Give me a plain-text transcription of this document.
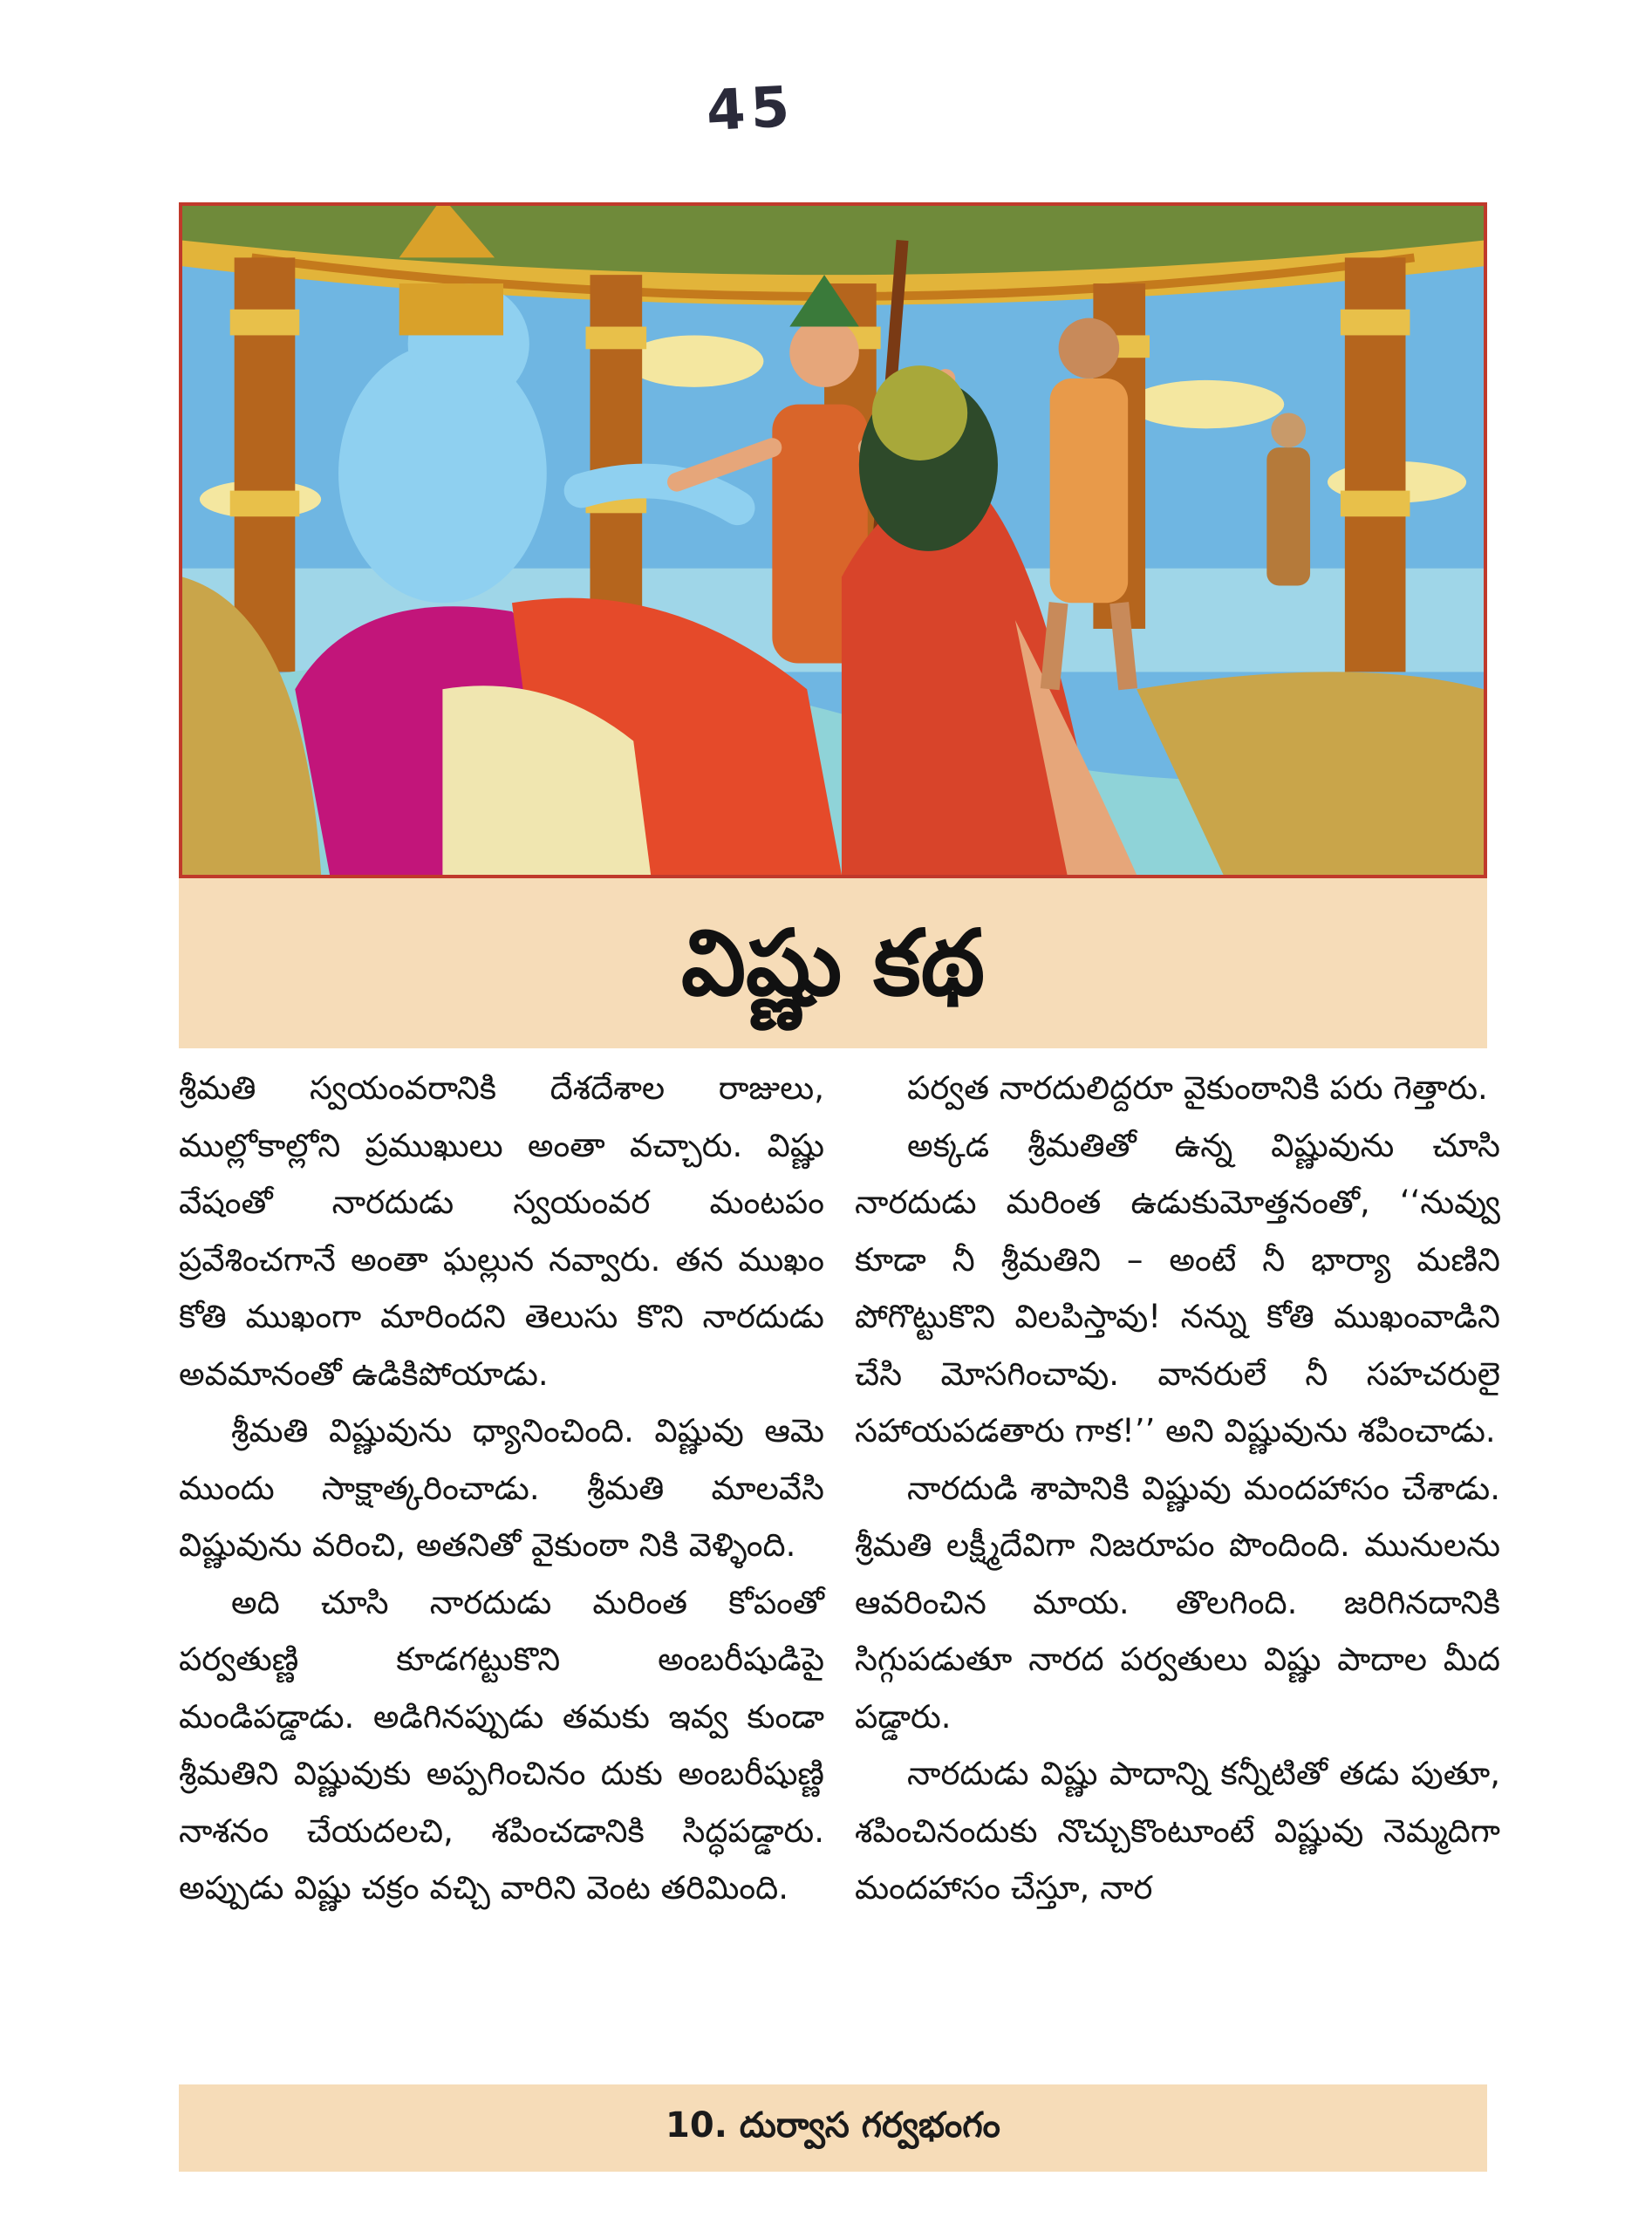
45
విష్ణు కథ

శ్రీమతి స్వయంవరానికి దేశదేశాల రాజులు, ముల్లోకాల్లోని ప్రముఖులు అంతా వచ్చారు. విష్ణు వేషంతో నారదుడు స్వయంవర మంటపం ప్రవేశించగానే అంతా ఘల్లున నవ్వారు. తన ముఖం కోతి ముఖంగా మారిందని తెలుసు కొని నారదుడు అవమానంతో ఉడికిపోయాడు.

శ్రీమతి విష్ణువును ధ్యానించింది. విష్ణువు ఆమె ముందు సాక్షాత్కరించాడు. శ్రీమతి మాలవేసి విష్ణువును వరించి, అతనితో వైకుంఠా నికి వెళ్ళింది.

అది చూసి నారదుడు మరింత కోపంతో పర్వతుణ్ణి కూడగట్టుకొని అంబరీషుడిపై మండిపడ్డాడు. అడిగినప్పుడు తమకు ఇవ్వ కుండా శ్రీమతిని విష్ణువుకు అప్పగించినం దుకు అంబరీషుణ్ణి నాశనం చేయదలచి, శపించడానికి సిద్ధపడ్డారు. అప్పుడు విష్ణు చక్రం వచ్చి వారిని వెంట తరిమింది.

పర్వత నారదులిద్దరూ వైకుంఠానికి పరు గెత్తారు.

అక్కడ శ్రీమతితో ఉన్న విష్ణువును చూసి నారదుడు మరింత ఉడుకుమోత్తనంతో, ‘‘నువ్వు కూడా నీ శ్రీమతిని – అంటే నీ భార్యా మణిని పోగొట్టుకొని విలపిస్తావు! నన్ను కోతి ముఖంవాడిని చేసి మోసగించావు. వానరులే నీ సహచరులై సహాయపడతారు గాక!’’ అని విష్ణువును శపించాడు.

నారదుడి శాపానికి విష్ణువు మందహాసం చేశాడు. శ్రీమతి లక్ష్మీదేవిగా నిజరూపం పొందింది. మునులను ఆవరించిన మాయ. తొలగింది. జరిగినదానికి సిగ్గుపడుతూ నారద పర్వతులు విష్ణు పాదాల మీద పడ్డారు.

నారదుడు విష్ణు పాదాన్ని కన్నీటితో తడు పుతూ, శపించినందుకు నొచ్చుకొంటూంటే విష్ణువు నెమ్మదిగా మందహాసం చేస్తూ, నార

10. దుర్వాస గర్వభంగం
